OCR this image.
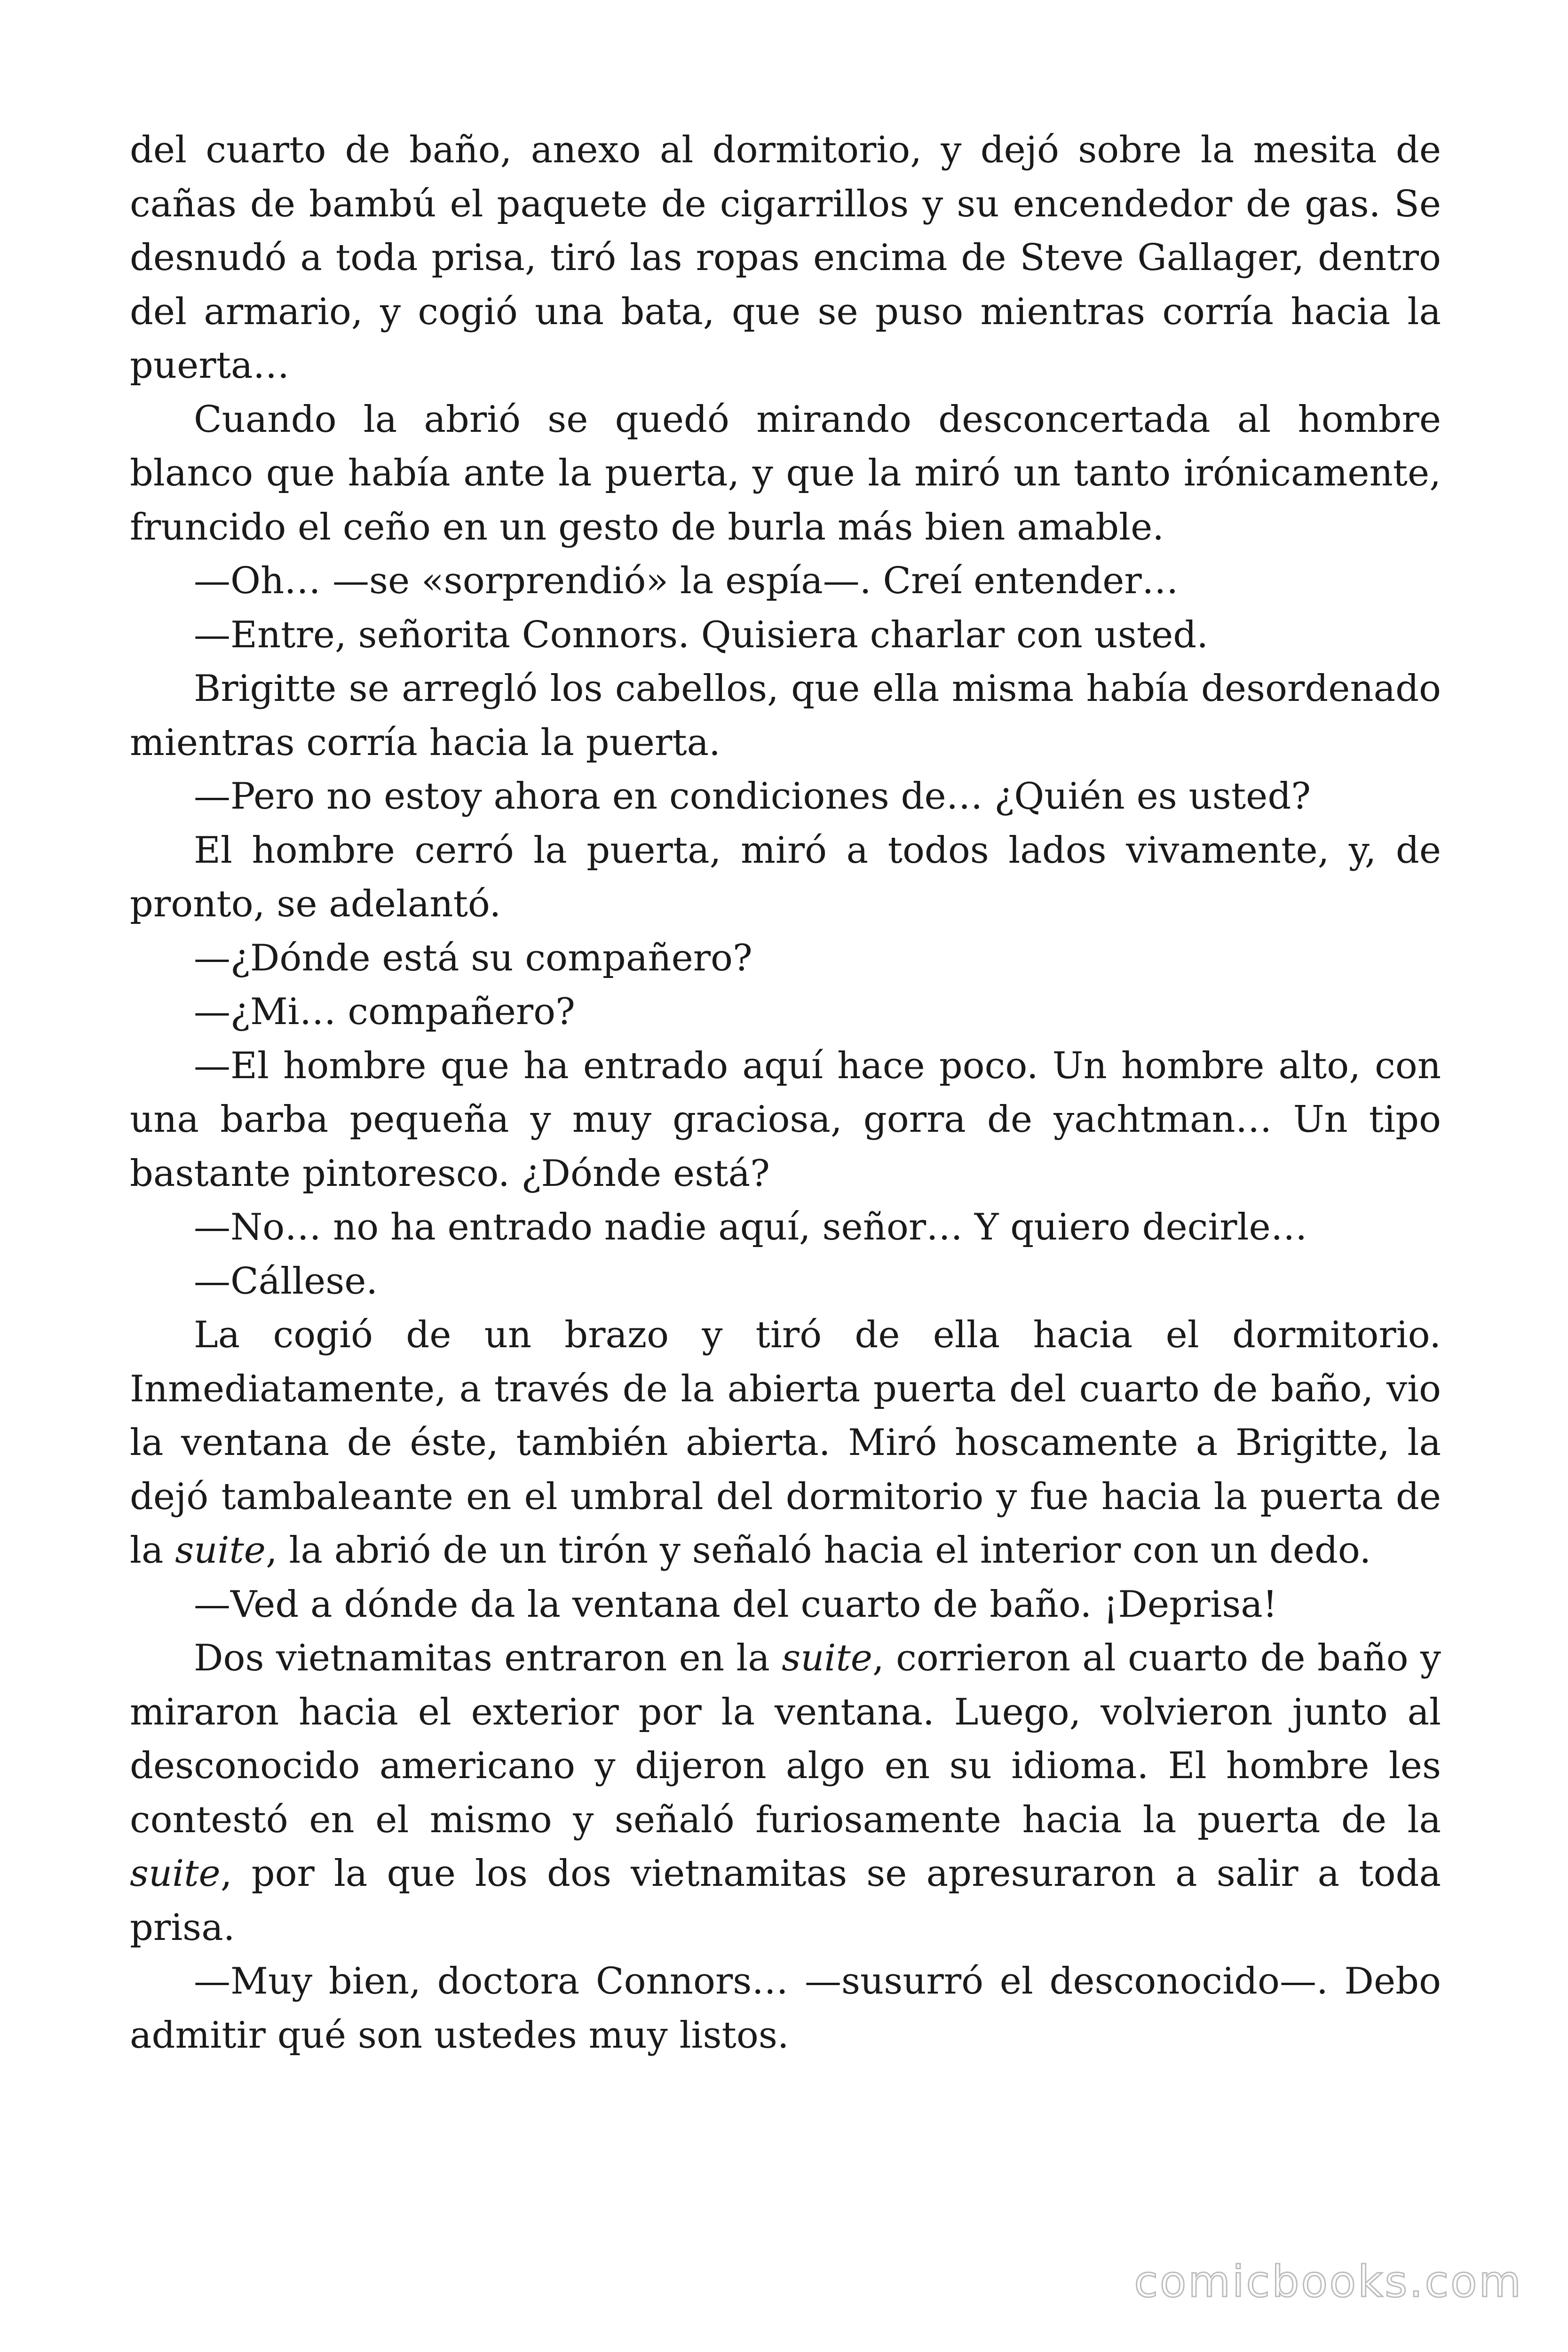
del cuarto de baño, anexo al dormitorio, y dejó sobre la mesita de cañas de bambú el paquete de cigarrillos y su encendedor de gas. Se desnudó a toda prisa, tiró las ropas encima de Steve Gallager, dentro del armario, y cogió una bata, que se puso mientras corría hacia la puerta…

Cuando la abrió se quedó mirando desconcertada al hombre blanco que había ante la puerta, y que la miró un tanto irónicamente, fruncido el ceño en un gesto de burla más bien amable.

—Oh… —se «sorprendió» la espía—. Creí entender…

—Entre, señorita Connors. Quisiera charlar con usted.

Brigitte se arregló los cabellos, que ella misma había desordenado mientras corría hacia la puerta.

—Pero no estoy ahora en condiciones de… ¿Quién es usted?

El hombre cerró la puerta, miró a todos lados vivamente, y, de pronto, se adelantó.

—¿Dónde está su compañero?

—¿Mi… compañero?

—El hombre que ha entrado aquí hace poco. Un hombre alto, con una barba pequeña y muy graciosa, gorra de yachtman… Un tipo bastante pintoresco. ¿Dónde está?

—No… no ha entrado nadie aquí, señor… Y quiero decirle…

—Cállese.

La cogió de un brazo y tiró de ella hacia el dormitorio. Inmediatamente, a través de la abierta puerta del cuarto de baño, vio la ventana de éste, también abierta. Miró hoscamente a Brigitte, la dejó tambaleante en el umbral del dormitorio y fue hacia la puerta de la suite, la abrió de un tirón y señaló hacia el interior con un dedo.

—Ved a dónde da la ventana del cuarto de baño. ¡Deprisa!

Dos vietnamitas entraron en la suite, corrieron al cuarto de baño y miraron hacia el exterior por la ventana. Luego, volvieron junto al desconocido americano y dijeron algo en su idioma. El hombre les contestó en el mismo y señaló furiosamente hacia la puerta de la suite, por la que los dos vietnamitas se apresuraron a salir a toda prisa.

—Muy bien, doctora Connors… —susurró el desconocido—. Debo admitir qué son ustedes muy listos.

comicbooks.com
